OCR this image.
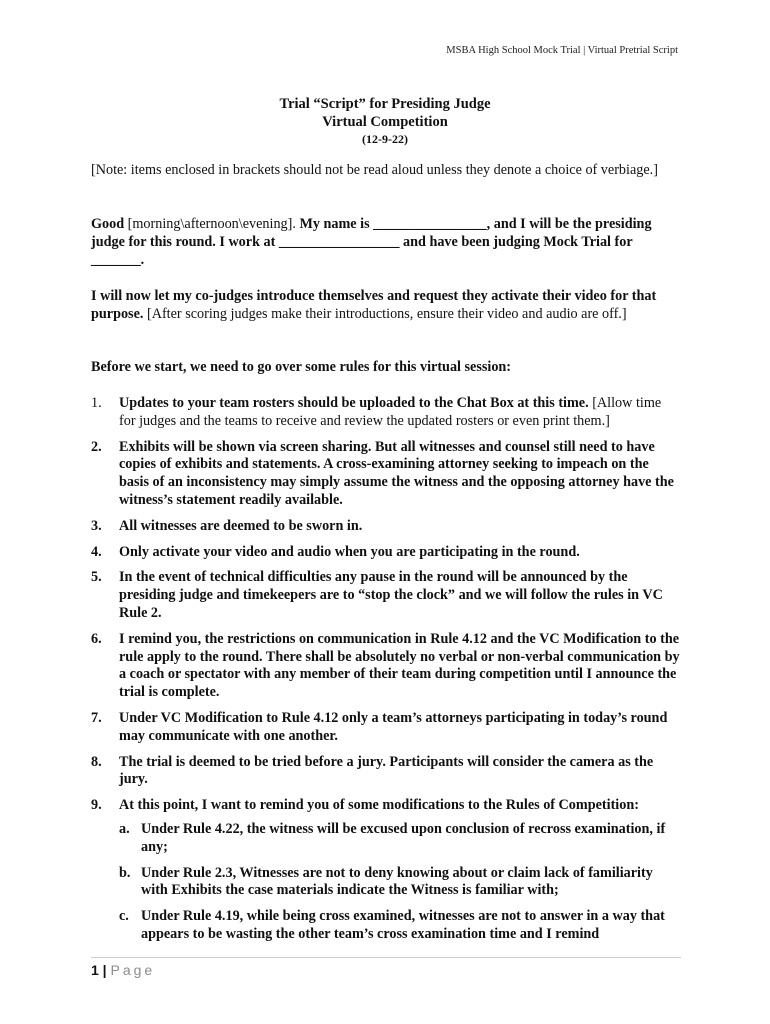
MSBA High School Mock Trial | Virtual Pretrial Script
Trial “Script” for Presiding Judge
Virtual Competition
(12-9-22)
[Note: items enclosed in brackets should not be read aloud unless they denote a choice of verbiage.]
Good [morning\afternoon\evening]. My name is ________________, and I will be the presiding judge for this round. I work at _________________ and have been judging Mock Trial for _______.
I will now let my co-judges introduce themselves and request they activate their video for that purpose. [After scoring judges make their introductions, ensure their video and audio are off.]
Before we start, we need to go over some rules for this virtual session:
1. Updates to your team rosters should be uploaded to the Chat Box at this time. [Allow time for judges and the teams to receive and review the updated rosters or even print them.]
2. Exhibits will be shown via screen sharing. But all witnesses and counsel still need to have copies of exhibits and statements. A cross-examining attorney seeking to impeach on the basis of an inconsistency may simply assume the witness and the opposing attorney have the witness’s statement readily available.
3. All witnesses are deemed to be sworn in.
4. Only activate your video and audio when you are participating in the round.
5. In the event of technical difficulties any pause in the round will be announced by the presiding judge and timekeepers are to “stop the clock” and we will follow the rules in VC Rule 2.
6. I remind you, the restrictions on communication in Rule 4.12 and the VC Modification to the rule apply to the round. There shall be absolutely no verbal or non-verbal communication by a coach or spectator with any member of their team during competition until I announce the trial is complete.
7. Under VC Modification to Rule 4.12 only a team’s attorneys participating in today’s round may communicate with one another.
8. The trial is deemed to be tried before a jury. Participants will consider the camera as the jury.
9. At this point, I want to remind you of some modifications to the Rules of Competition:
a. Under Rule 4.22, the witness will be excused upon conclusion of recross examination, if any;
b. Under Rule 2.3, Witnesses are not to deny knowing about or claim lack of familiarity with Exhibits the case materials indicate the Witness is familiar with;
c. Under Rule 4.19, while being cross examined, witnesses are not to answer in a way that appears to be wasting the other team’s cross examination time and I remind
1 | Page
